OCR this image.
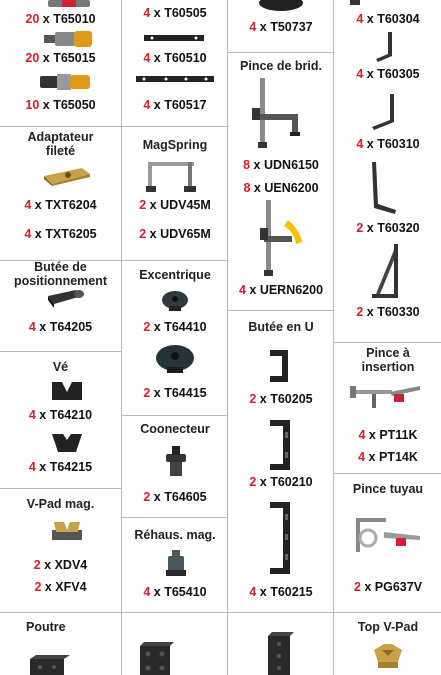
20 x T65010
20 x T65015
10 x T65050
Adaptateur
fileté
4 x TXT6204
4 x TXT6205
Butée de
positionnement
4 x T64205
Vé
4 x T64210
4 x T64215
V-Pad mag.
2 x XDV4
2 x XFV4
Poutre
4 x T60505
4 x T60510
4 x T60517
MagSpring
2 x UDV45M
2 x UDV65M
Excentrique
2 x T64410
2 x T64415
Coonecteur
2 x T64605
Réhaus. mag.
4 x T65410
4 x T50737
Pince de brid.
8 x UDN6150
8 x UEN6200
4 x UERN6200
Butée en U
2 x T60205
2 x T60210
4 x T60215
4 x T60304
4 x T60305
4 x T60310
2 x T60320
2 x T60330
Pince à
insertion
4 x PT11K
4 x PT14K
Pince tuyau
2 x PG637V
Top V-Pad
